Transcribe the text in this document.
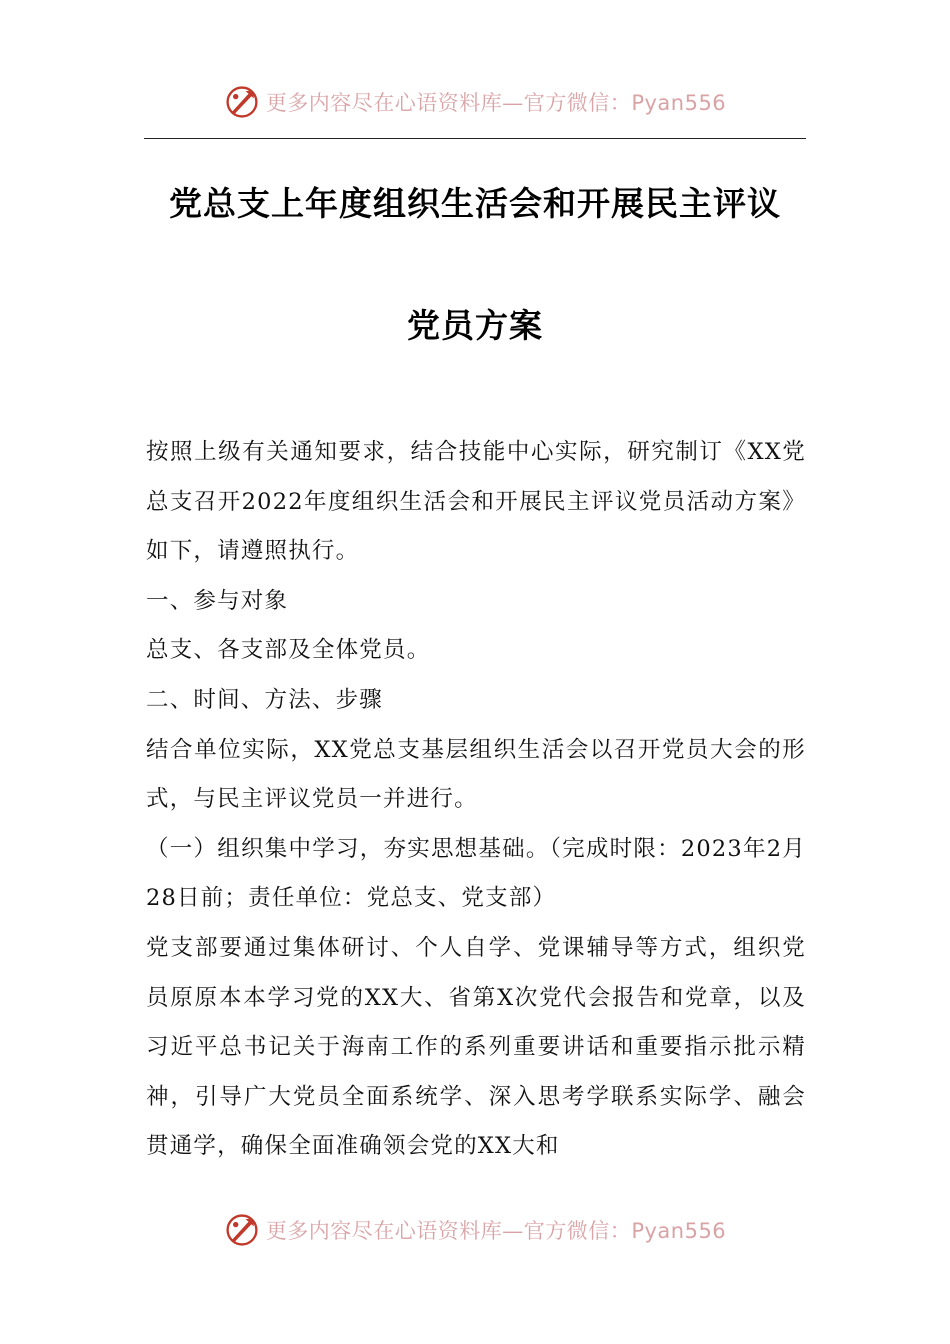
更多内容尽在心语资料库—官方微信：Pyan556
党总支上年度组织生活会和开展民主评议
党员方案

按照上级有关通知要求，结合技能中心实际，研究制订《XX党总支召开2022年度组织生活会和开展民主评议党员活动方案》如下，请遵照执行。

一、参与对象

总支、各支部及全体党员。

二、时间、方法、步骤

结合单位实际，XX党总支基层组织生活会以召开党员大会的形式，与民主评议党员一并进行。

（一）组织集中学习，夯实思想基础。（完成时限：2023年2月28日前；责任单位：党总支、党支部）

党支部要通过集体研讨、个人自学、党课辅导等方式，组织党员原原本本学习党的XX大、省第X次党代会报告和党章，以及习近平总书记关于海南工作的系列重要讲话和重要指示批示精神，引导广大党员全面系统学、深入思考学联系实际学、融会贯通学，确保全面准确领会党的XX大和

更多内容尽在心语资料库—官方微信：Pyan556
